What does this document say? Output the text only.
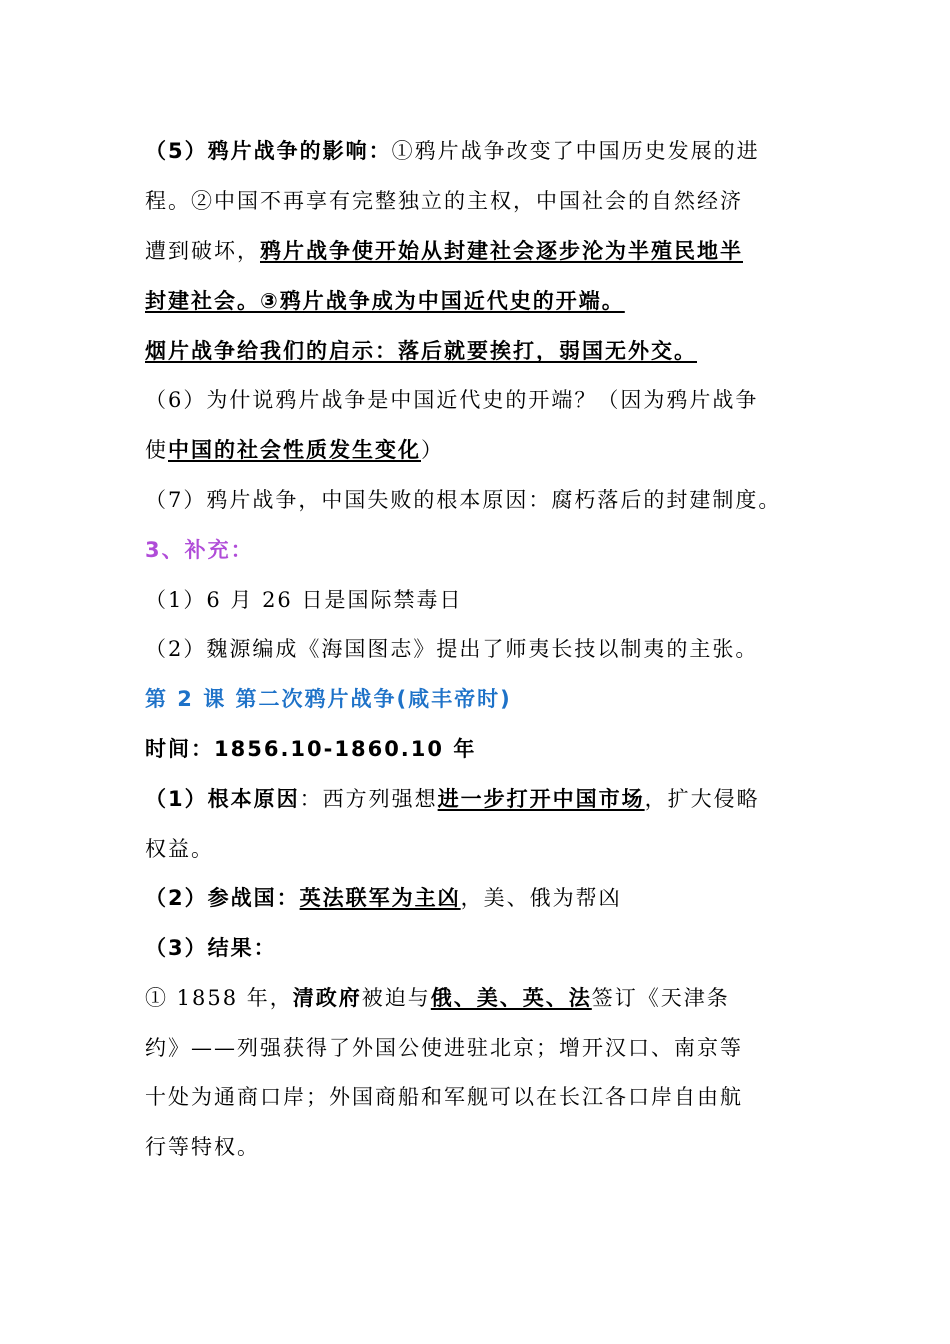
（5）鸦片战争的影响：①鸦片战争改变了中国历史发展的进
程。②中国不再享有完整独立的主权，中国社会的自然经济
遭到破坏，鸦片战争使开始从封建社会逐步沦为半殖民地半
封建社会。③鸦片战争成为中国近代史的开端。
烟片战争给我们的启示：落后就要挨打，弱国无外交。
（6）为什说鸦片战争是中国近代史的开端？（因为鸦片战争
使中国的社会性质发生变化）
（7）鸦片战争，中国失败的根本原因：腐朽落后的封建制度。
3、补充：
（1）6 月 26 日是国际禁毒日
（2）魏源编成《海国图志》提出了师夷长技以制夷的主张。
第 2 课 第二次鸦片战争(咸丰帝时)
时间：1856.10-1860.10 年
（1）根本原因：西方列强想进一步打开中国市场，扩大侵略
权益。
（2）参战国：英法联军为主凶，美、俄为帮凶
（3）结果：
① 1858 年，清政府被迫与俄、美、英、法签订《天津条
约》——列强获得了外国公使进驻北京；增开汉口、南京等
十处为通商口岸；外国商船和军舰可以在长江各口岸自由航
行等特权。
